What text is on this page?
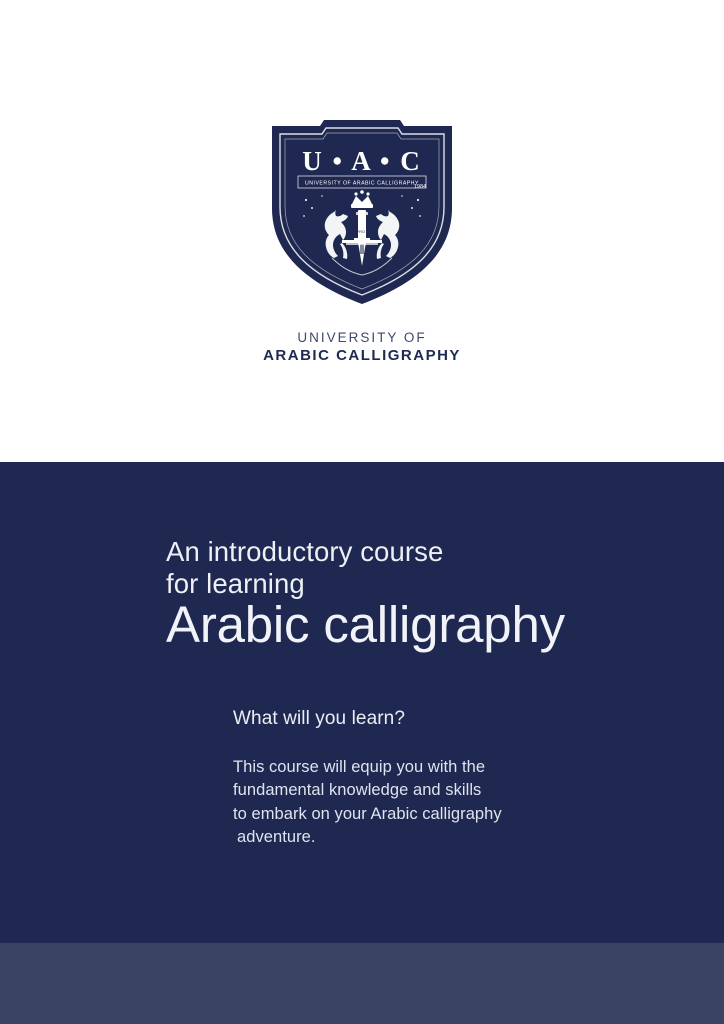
U • A • C
UNIVERSITY OF ARABIC CALLIGRAPHY
PRO I
1984
UNIVERSITY OF
ARABIC CALLIGRAPHY
An introductory course
for learning
Arabic calligraphy
What will you learn?
This course will equip you with the
fundamental knowledge and skills
to embark on your Arabic calligraphy
adventure.
